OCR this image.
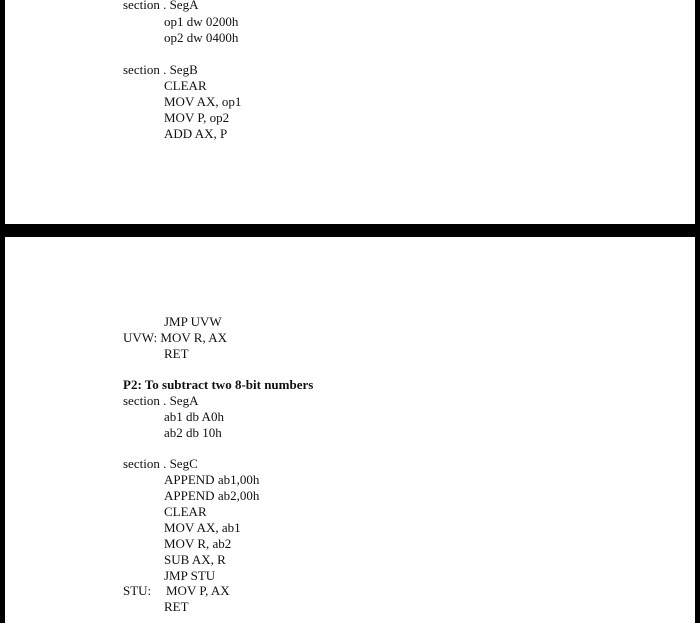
section . SegA
op1 dw 0200h
op2 dw 0400h
section . SegB
CLEAR
MOV AX, op1
MOV P, op2
ADD AX, P
JMP UVW
UVW: MOV R, AX
RET
P2: To subtract two 8-bit numbers
section . SegA
ab1 db A0h
ab2 db 10h
section . SegC
APPEND ab1,00h
APPEND ab2,00h
CLEAR
MOV AX, ab1
MOV R, ab2
SUB AX, R
JMP STU
STU: MOV P, AX
RET
